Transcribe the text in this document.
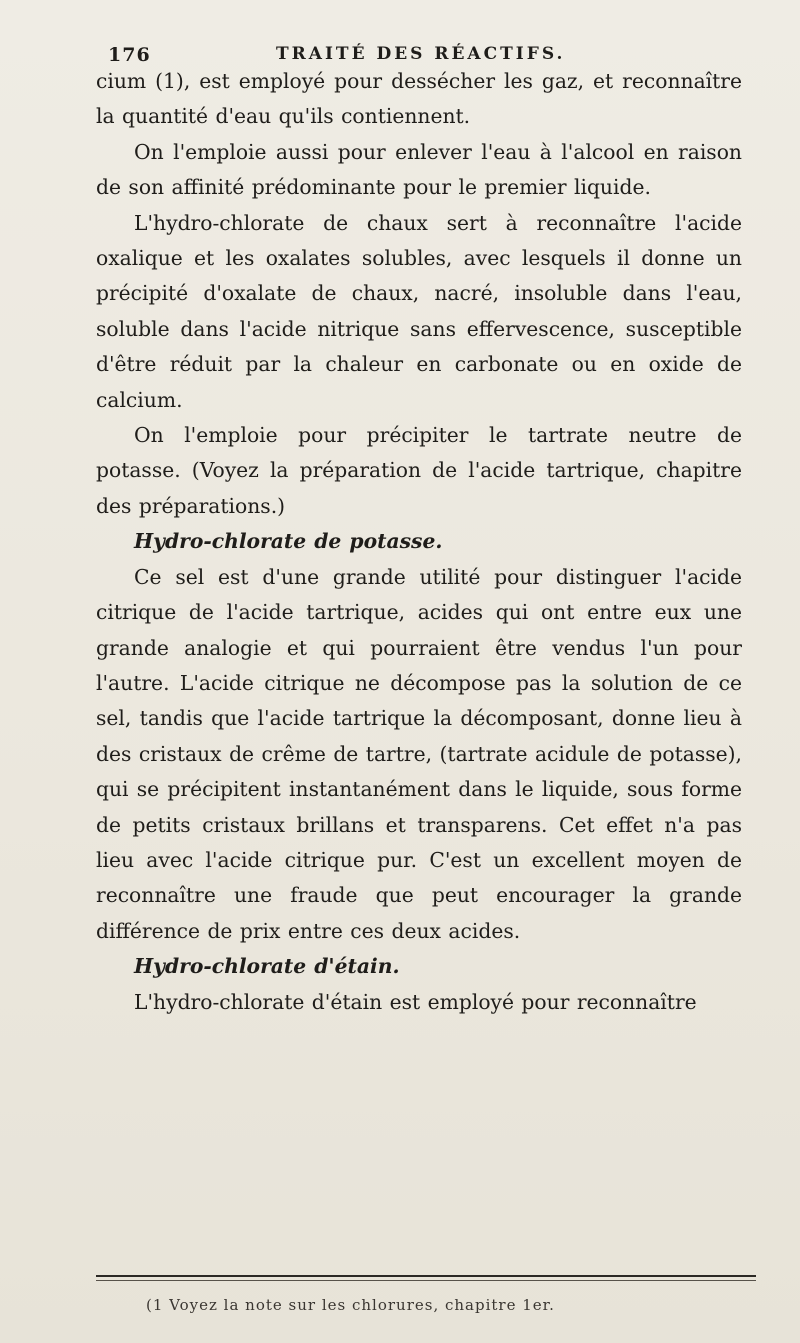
176	TRAITÉ DES RÉACTIFS.

cium (1), est employé pour dessécher les gaz, et reconnaître la quantité d'eau qu'ils contiennent.

On l'emploie aussi pour enlever l'eau à l'alcool en raison de son affinité prédominante pour le premier liquide.

L'hydro-chlorate de chaux sert à reconnaître l'acide oxalique et les oxalates solubles, avec lesquels il donne un précipité d'oxalate de chaux, nacré, insoluble dans l'eau, soluble dans l'acide nitrique sans effervescence, susceptible d'être réduit par la chaleur en carbonate ou en oxide de calcium.

On l'emploie pour précipiter le tartrate neutre de potasse. (Voyez la préparation de l'acide tartrique, chapitre des préparations.)

Hydro-chlorate de potasse.

Ce sel est d'une grande utilité pour distinguer l'acide citrique de l'acide tartrique, acides qui ont entre eux une grande analogie et qui pourraient être vendus l'un pour l'autre. L'acide citrique ne décompose pas la solution de ce sel, tandis que l'acide tartrique la décomposant, donne lieu à des cristaux de crême de tartre, (tartrate acidule de potasse), qui se précipitent instantanément dans le liquide, sous forme de petits cristaux brillans et transparens. Cet effet n'a pas lieu avec l'acide citrique pur. C'est un excellent moyen de reconnaître une fraude que peut encourager la grande différence de prix entre ces deux acides.

Hydro-chlorate d'étain.

L'hydro-chlorate d'étain est employé pour reconnaître

(1 Voyez la note sur les chlorures, chapitre 1er.
